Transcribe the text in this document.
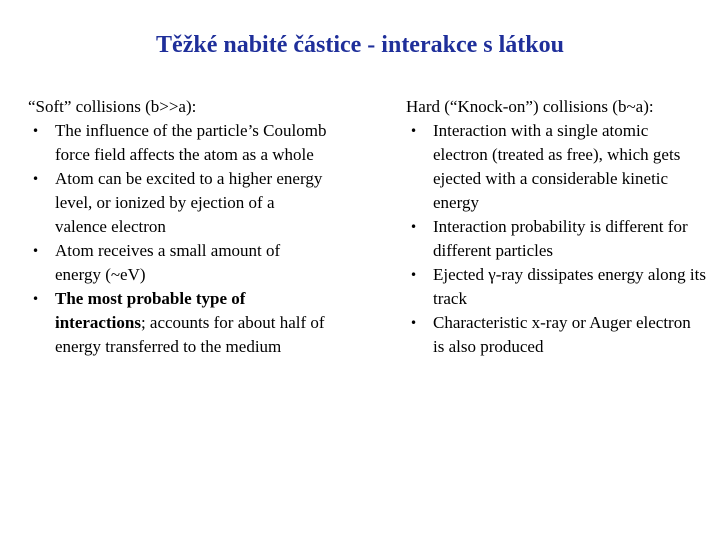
Těžké nabité částice - interakce s látkou
“Soft” collisions (b>>a):
• The influence of the particle’s Coulomb force field affects the atom as a whole
• Atom can be excited to a higher energy level, or ionized by ejection of a valence electron
• Atom receives a small amount of energy (~eV)
• The most probable type of interactions; accounts for about half of energy transferred to the medium
Hard (“Knock-on”) collisions (b~a):
• Interaction with a single atomic electron (treated as free), which gets ejected with a considerable kinetic energy
• Interaction probability is different for different particles
• Ejected γ-ray dissipates energy along its track
• Characteristic x-ray or Auger electron is also produced
